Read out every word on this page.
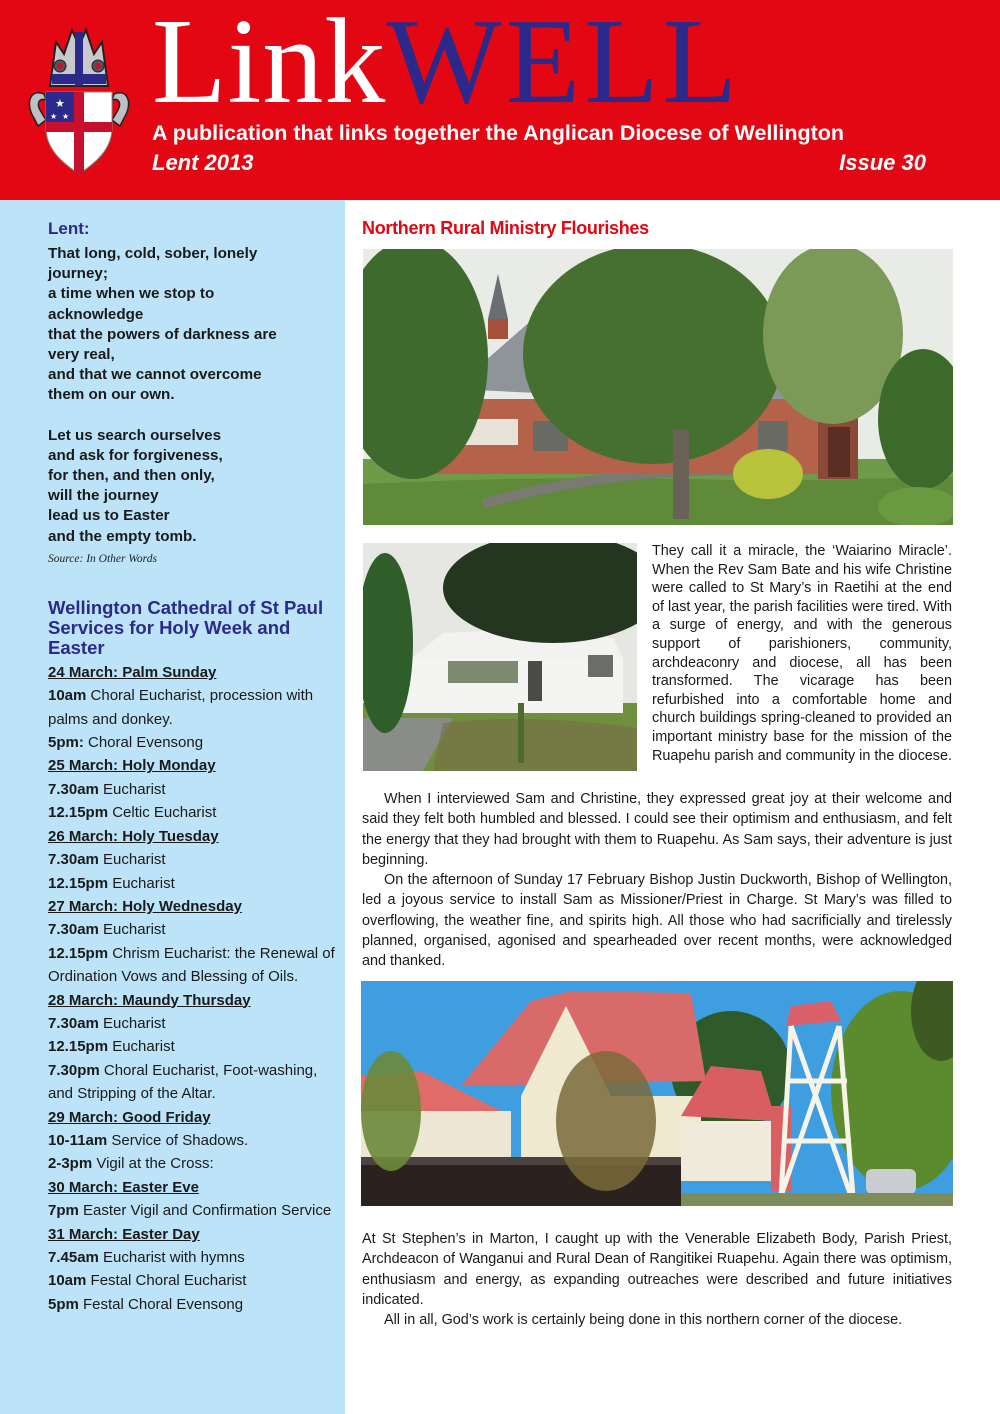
★
★ ★ LinkWELL
A publication that links together the Anglican Diocese of Wellington
Lent 2013	Issue 30
Lent:

That long, cold, sober, lonely

journey;

a time when we stop to

acknowledge

that the powers of darkness are

very real,

and that we cannot overcome

them on our own.

Let us search ourselves

and ask for forgiveness,

for then, and then only,

will the journey

lead us to Easter

and the empty tomb.

Source: In Other Words
Wellington Cathedral of St Paul Services for Holy Week and Easter
24 March: Palm Sunday
10am Choral Eucharist, procession with palms and donkey.
5pm: Choral Evensong
25 March: Holy Monday
7.30am Eucharist
12.15pm Celtic Eucharist
26 March: Holy Tuesday
7.30am Eucharist
12.15pm Eucharist
27 March: Holy Wednesday
7.30am Eucharist
12.15pm Chrism Eucharist: the Renewal of Ordination Vows and Blessing of Oils.
28 March: Maundy Thursday
7.30am Eucharist
12.15pm Eucharist
7.30pm Choral Eucharist, Foot-washing, and Stripping of the Altar.
29 March: Good Friday
10-11am Service of Shadows.
2-3pm Vigil at the Cross:
30 March: Easter Eve
7pm Easter Vigil and Confirmation Service
31 March: Easter Day
7.45am Eucharist with hymns
10am Festal Choral Eucharist
5pm Festal Choral Evensong
Northern Rural Ministry Flourishes
They call it a miracle, the ‘Waiarino Miracle’. When the Rev Sam Bate and his wife Christine were called to St Mary’s in Raetihi at the end of last year, the parish facilities were tired. With a surge of energy, and with the generous support of parishioners, community, archdeaconry and diocese, all has been transformed. The vicarage has been refurbished into a comfortable home and church buildings spring-cleaned to provided an important ministry base for the mission of the Ruapehu parish and community in the diocese.

When I interviewed Sam and Christine, they expressed great joy at their welcome and said they felt both humbled and blessed. I could see their optimism and enthusiasm, and felt the energy that they had brought with them to Ruapehu. As Sam says, their adventure is just beginning.

On the afternoon of Sunday 17 February Bishop Justin Duckworth, Bishop of Wellington, led a joyous service to install Sam as Missioner/Priest in Charge. St Mary’s was filled to overflowing, the weather fine, and spirits high. All those who had sacrificially and tirelessly planned, organised, agonised and spearheaded over recent months, were acknowledged and thanked.

At St Stephen’s in Marton, I caught up with the Venerable Elizabeth Body, Parish Priest, Archdeacon of Wanganui and Rural Dean of Rangitikei Ruapehu. Again there was optimism, enthusiasm and energy, as expanding outreaches were described and future initiatives indicated.

All in all, God’s work is certainly being done in this northern corner of the diocese.
